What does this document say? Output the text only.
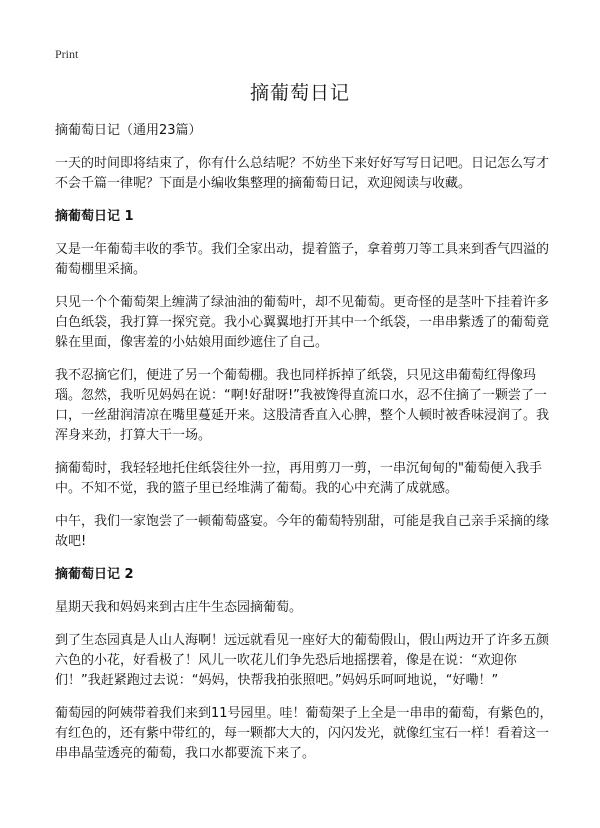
Print
摘葡萄日记

摘葡萄日记（通用23篇）

一天的时间即将结束了，你有什么总结呢？不妨坐下来好好写写日记吧。日记怎么写才不会千篇一律呢？下面是小编收集整理的摘葡萄日记，欢迎阅读与收藏。

摘葡萄日记 1

又是一年葡萄丰收的季节。我们全家出动，提着篮子，拿着剪刀等工具来到香气四溢的葡萄棚里采摘。

只见一个个葡萄架上缠满了绿油油的葡萄叶，却不见葡萄。更奇怪的是茎叶下挂着许多白色纸袋，我打算一探究竟。我小心翼翼地打开其中一个纸袋，一串串紫透了的葡萄竟躲在里面，像害羞的小姑娘用面纱遮住了自己。

我不忍摘它们，便进了另一个葡萄棚。我也同样拆掉了纸袋，只见这串葡萄红得像玛瑙。忽然，我听见妈妈在说：“啊!好甜呀!”我被馋得直流口水，忍不住摘了一颗尝了一口，一丝甜润清凉在嘴里蔓延开来。这股清香直入心脾，整个人顿时被香味浸润了。我浑身来劲，打算大干一场。

摘葡萄时，我轻轻地托住纸袋往外一拉，再用剪刀一剪，一串沉甸甸的"葡萄便入我手中。不知不觉，我的篮子里已经堆满了葡萄。我的心中充满了成就感。

中午，我们一家饱尝了一顿葡萄盛宴。今年的葡萄特别甜，可能是我自己亲手采摘的缘故吧!

摘葡萄日记 2

星期天我和妈妈来到古庄牛生态园摘葡萄。

到了生态园真是人山人海啊！远远就看见一座好大的葡萄假山，假山两边开了许多五颜六色的小花，好看极了！风儿一吹花儿们争先恐后地摇摆着，像是在说：“欢迎你们！”我赶紧跑过去说：“妈妈，快帮我拍张照吧。”妈妈乐呵呵地说，“好嘞！”

葡萄园的阿姨带着我们来到11号园里。哇！葡萄架子上全是一串串的葡萄，有紫色的，有红色的，还有紫中带红的，每一颗都大大的，闪闪发光，就像红宝石一样！看着这一串串晶莹透亮的葡萄，我口水都要流下来了。
